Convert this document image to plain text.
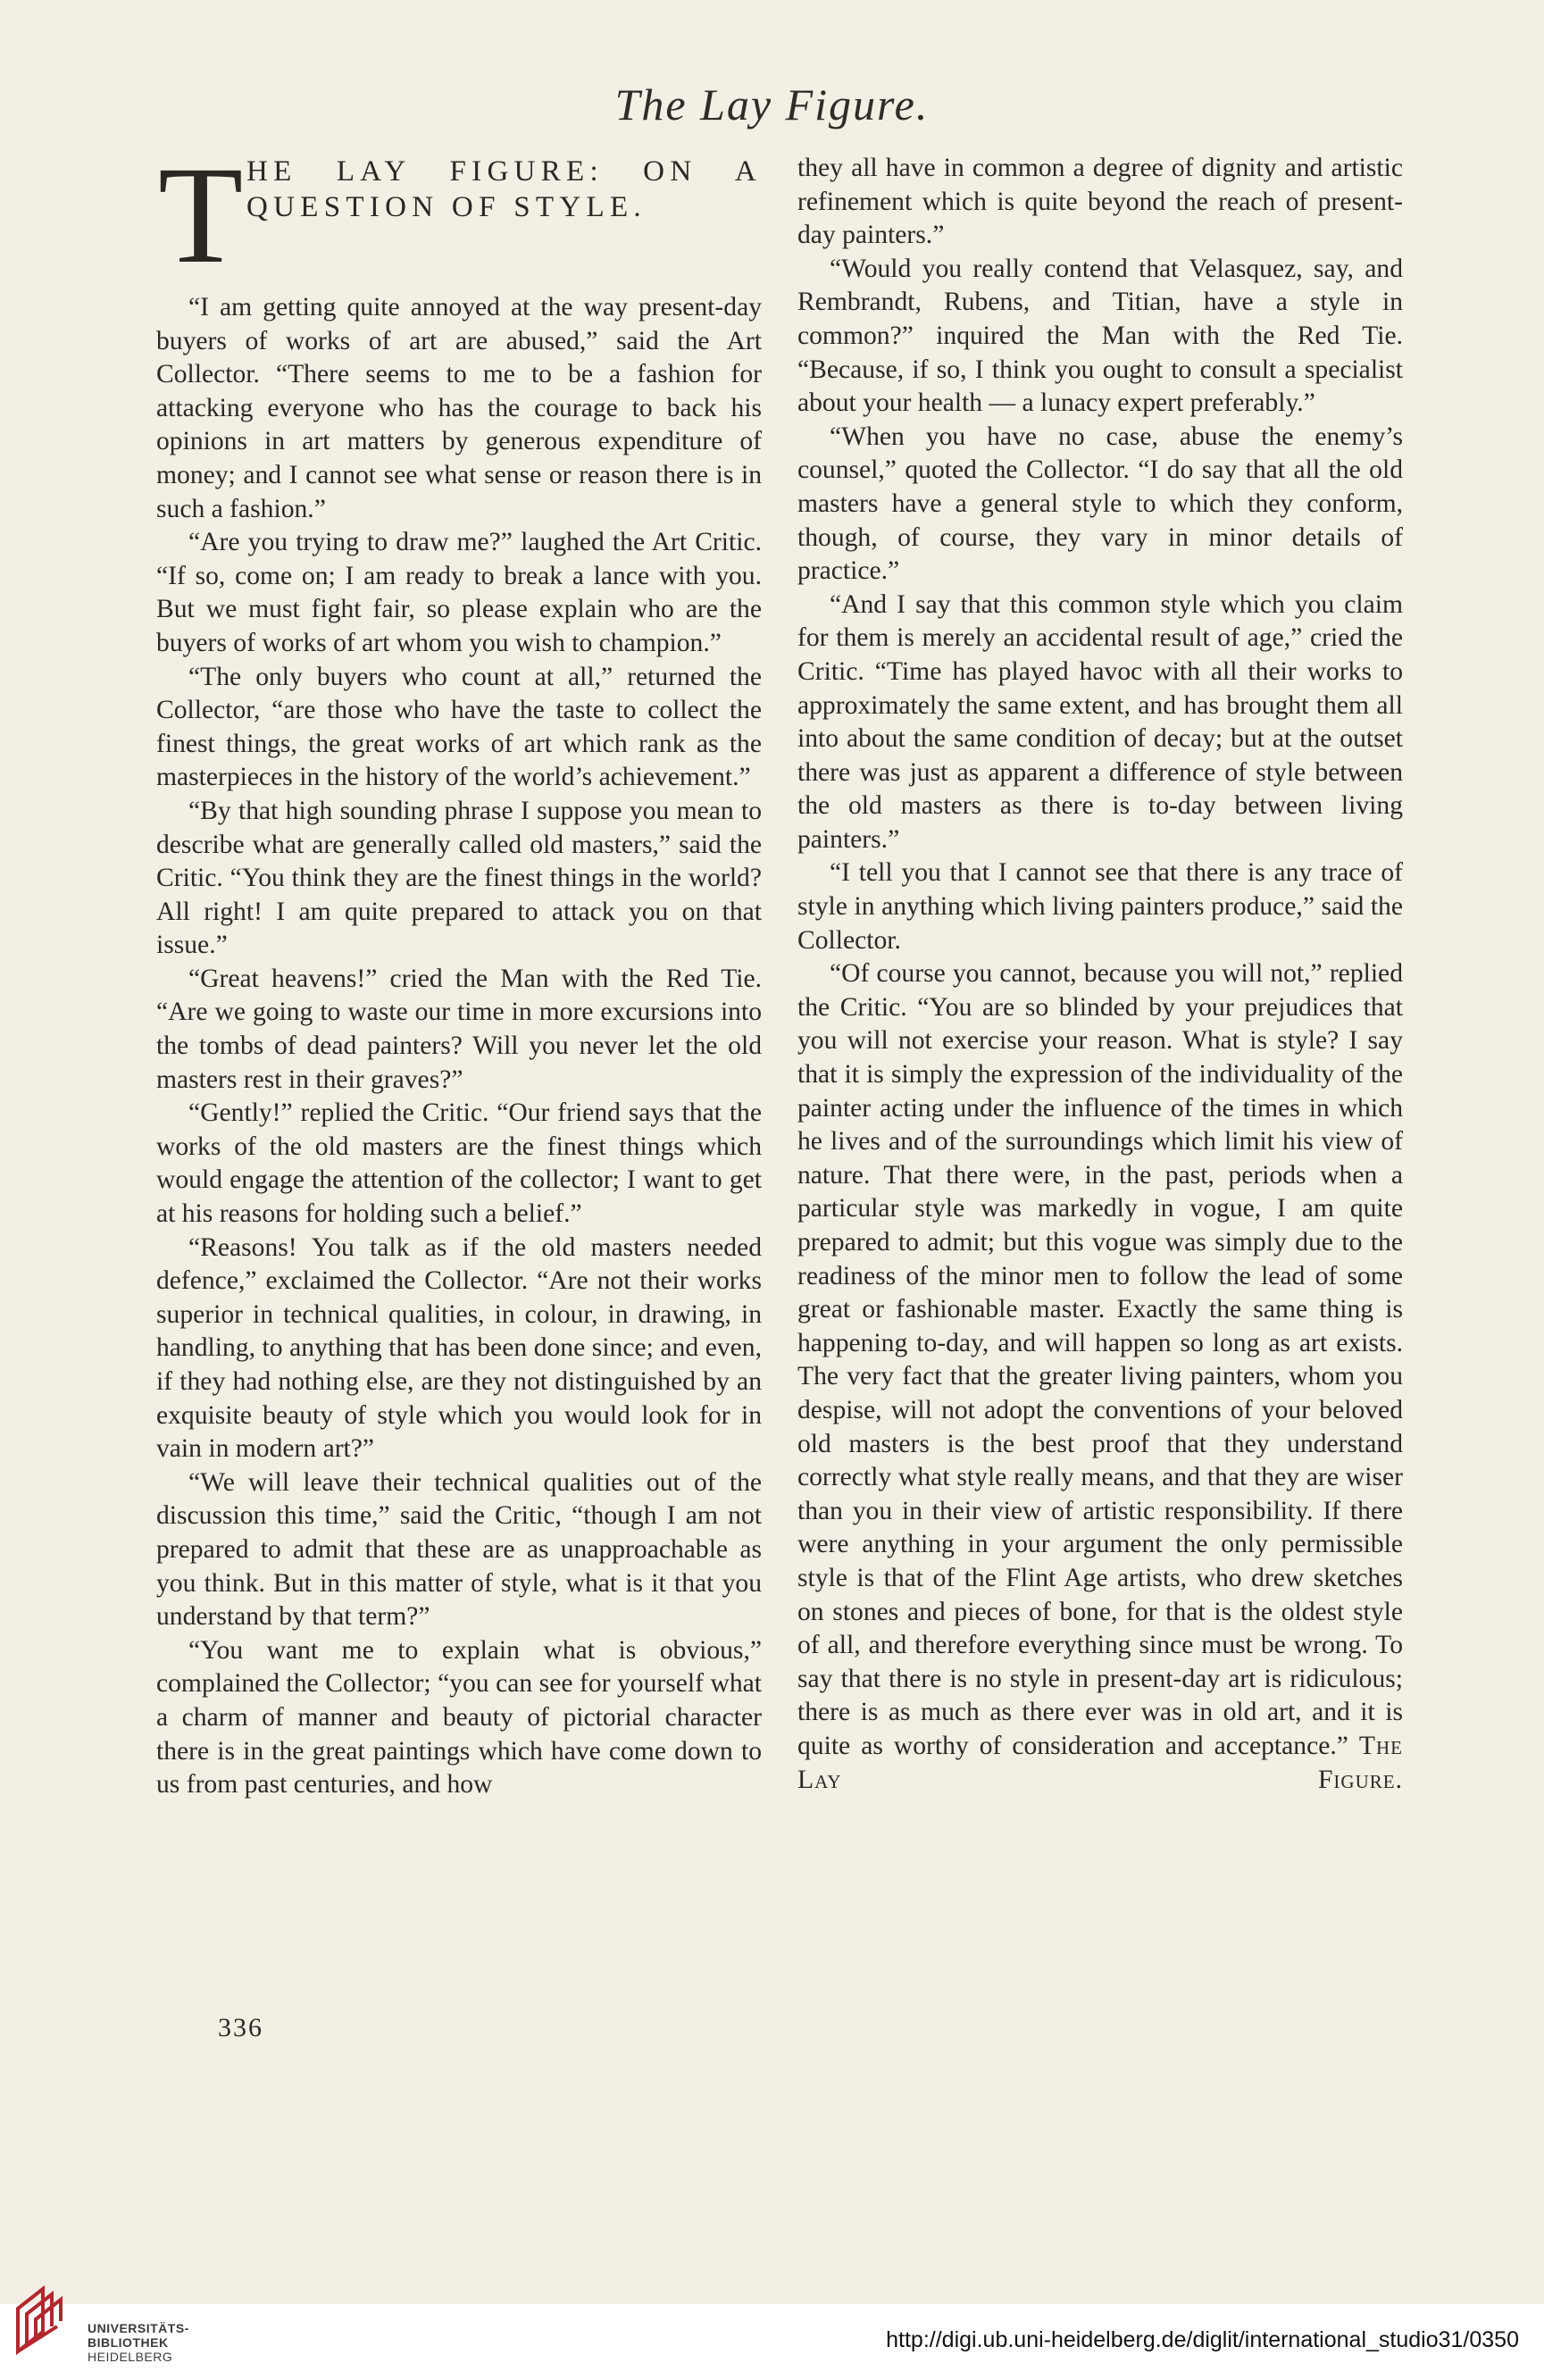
The Lay Figure.
T HE LAY FIGURE: ON A
QUESTION OF STYLE.

“I am getting quite annoyed at the way present-day buyers of works of art are abused,” said the Art Collector. “There seems to me to be a fashion for attacking everyone who has the courage to back his opinions in art matters by generous expenditure of money; and I cannot see what sense or reason there is in such a fashion.”

“Are you trying to draw me?” laughed the Art Critic. “If so, come on; I am ready to break a lance with you. But we must fight fair, so please explain who are the buyers of works of art whom you wish to champion.”

“The only buyers who count at all,” returned the Collector, “are those who have the taste to collect the finest things, the great works of art which rank as the masterpieces in the history of the world’s achievement.”

“By that high sounding phrase I suppose you mean to describe what are generally called old masters,” said the Critic. “You think they are the finest things in the world? All right! I am quite prepared to attack you on that issue.”

“Great heavens!” cried the Man with the Red Tie. “Are we going to waste our time in more excursions into the tombs of dead painters? Will you never let the old masters rest in their graves?”

“Gently!” replied the Critic. “Our friend says that the works of the old masters are the finest things which would engage the attention of the collector; I want to get at his reasons for holding such a belief.”

“Reasons! You talk as if the old masters needed defence,” exclaimed the Collector. “Are not their works superior in technical qualities, in colour, in drawing, in handling, to anything that has been done since; and even, if they had nothing else, are they not distinguished by an exquisite beauty of style which you would look for in vain in modern art?”

“We will leave their technical qualities out of the discussion this time,” said the Critic, “though I am not prepared to admit that these are as unapproachable as you think. But in this matter of style, what is it that you understand by that term?”

“You want me to explain what is obvious,” complained the Collector; “you can see for yourself what a charm of manner and beauty of pictorial character there is in the great paintings which have come down to us from past centuries, and how

they all have in common a degree of dignity and artistic refinement which is quite beyond the reach of present-day painters.”

“Would you really contend that Velasquez, say, and Rembrandt, Rubens, and Titian, have a style in common?” inquired the Man with the Red Tie. “Because, if so, I think you ought to consult a specialist about your health — a lunacy expert preferably.”

“When you have no case, abuse the enemy’s counsel,” quoted the Collector. “I do say that all the old masters have a general style to which they conform, though, of course, they vary in minor details of practice.”

“And I say that this common style which you claim for them is merely an accidental result of age,” cried the Critic. “Time has played havoc with all their works to approximately the same extent, and has brought them all into about the same condition of decay; but at the outset there was just as apparent a difference of style between the old masters as there is to-day between living painters.”

“I tell you that I cannot see that there is any trace of style in anything which living painters produce,” said the Collector.

“Of course you cannot, because you will not,” replied the Critic. “You are so blinded by your prejudices that you will not exercise your reason. What is style? I say that it is simply the expression of the individuality of the painter acting under the influence of the times in which he lives and of the surroundings which limit his view of nature. That there were, in the past, periods when a particular style was markedly in vogue, I am quite prepared to admit; but this vogue was simply due to the readiness of the minor men to follow the lead of some great or fashionable master. Exactly the same thing is happening to-day, and will happen so long as art exists. The very fact that the greater living painters, whom you despise, will not adopt the conventions of your beloved old masters is the best proof that they understand correctly what style really means, and that they are wiser than you in their view of artistic responsibility. If there were anything in your argument the only permissible style is that of the Flint Age artists, who drew sketches on stones and pieces of bone, for that is the oldest style of all, and therefore everything since must be wrong. To say that there is no style in present-day art is ridiculous; there is as much as there ever was in old art, and it is quite as worthy of consideration and acceptance.” The Lay Figure.

336
UNIVERSITÄTS-
BIBLIOTHEK
HEIDELBERG
http://digi.ub.uni-heidelberg.de/diglit/international_studio31/0350
